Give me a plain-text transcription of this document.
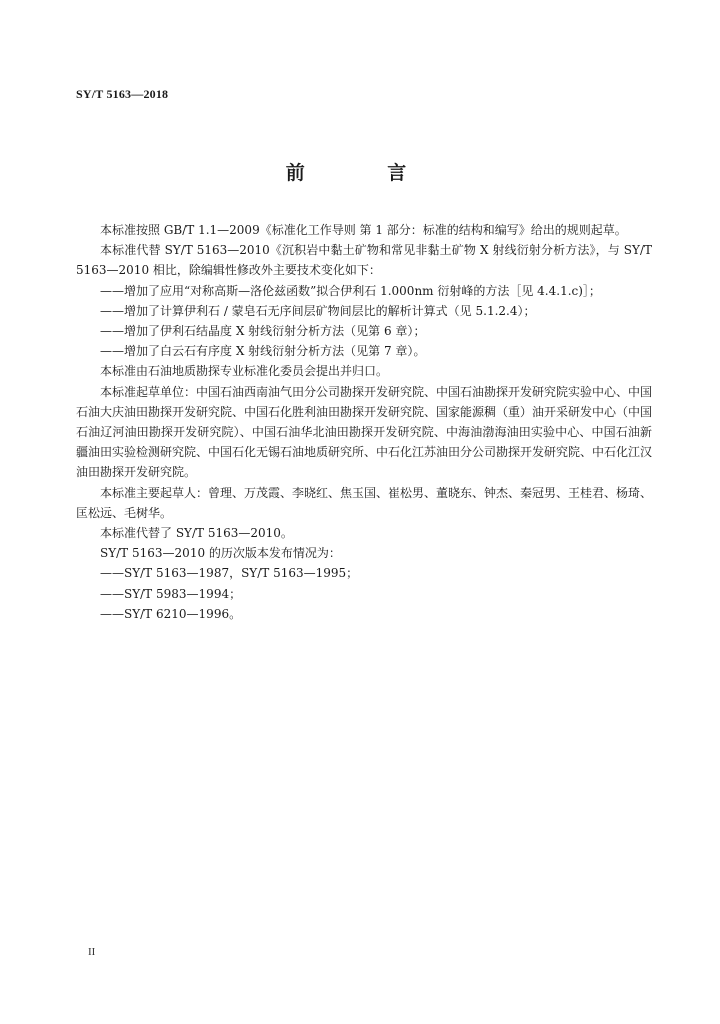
SY/T 5163—2018
前 言

本标准按照 GB/T 1.1—2009《标准化工作导则 第 1 部分：标准的结构和编写》给出的规则起草。

本标准代替 SY/T 5163—2010《沉积岩中黏土矿物和常见非黏土矿物 X 射线衍射分析方法》，与 SY/T 5163—2010 相比，除编辑性修改外主要技术变化如下：

——增加了应用“对称高斯—洛伦兹函数”拟合伊利石 1.000nm 衍射峰的方法［见 4.4.1.c)］；

——增加了计算伊利石 / 蒙皂石无序间层矿物间层比的解析计算式（见 5.1.2.4）；

——增加了伊利石结晶度 X 射线衍射分析方法（见第 6 章）；

——增加了白云石有序度 X 射线衍射分析方法（见第 7 章）。

本标准由石油地质勘探专业标准化委员会提出并归口。

本标准起草单位：中国石油西南油气田分公司勘探开发研究院、中国石油勘探开发研究院实验中心、中国石油大庆油田勘探开发研究院、中国石化胜利油田勘探开发研究院、国家能源稠（重）油开采研发中心（中国石油辽河油田勘探开发研究院）、中国石油华北油田勘探开发研究院、中海油渤海油田实验中心、中国石油新疆油田实验检测研究院、中国石化无锡石油地质研究所、中石化江苏油田分公司勘探开发研究院、中石化江汉油田勘探开发研究院。

本标准主要起草人：曾理、万茂霞、李晓红、焦玉国、崔松男、董晓东、钟杰、秦冠男、王桂君、杨琦、匡松远、毛树华。

本标准代替了 SY/T 5163—2010。

SY/T 5163—2010 的历次版本发布情况为：

——SY/T 5163—1987，SY/T 5163—1995；

——SY/T 5983—1994；

——SY/T 6210—1996。

II
